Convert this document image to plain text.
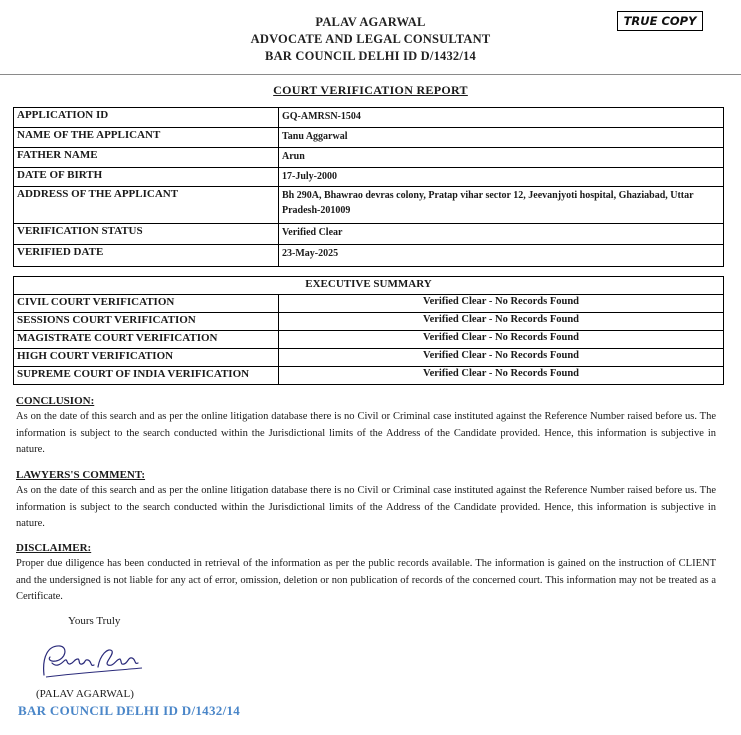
PALAV AGARWAL
ADVOCATE AND LEGAL CONSULTANT
BAR COUNCIL DELHI ID D/1432/14
TRUE COPY
COURT VERIFICATION REPORT
APPLICATION ID	GQ-AMRSN-1504
NAME OF THE APPLICANT	Tanu Aggarwal
FATHER NAME	Arun
DATE OF BIRTH	17-July-2000
ADDRESS OF THE APPLICANT	Bh 290A, Bhawrao devras colony, Pratap vihar sector 12, Jeevanjyoti hospital, Ghaziabad, Uttar Pradesh-201009
VERIFICATION STATUS	Verified Clear
VERIFIED DATE	23-May-2025
EXECUTIVE SUMMARY	
CIVIL COURT VERIFICATION	Verified Clear - No Records Found
SESSIONS COURT VERIFICATION	Verified Clear - No Records Found
MAGISTRATE COURT VERIFICATION	Verified Clear - No Records Found
HIGH COURT VERIFICATION	Verified Clear - No Records Found
SUPREME COURT OF INDIA VERIFICATION	Verified Clear - No Records Found

CONCLUSION:

As on the date of this search and as per the online litigation database there is no Civil or Criminal case instituted against the Reference Number raised before us. The information is subject to the search conducted within the Jurisdictional limits of the Address of the Candidate provided. Hence, this information is subjective in nature.

LAWYERS'S COMMENT:

As on the date of this search and as per the online litigation database there is no Civil or Criminal case instituted against the Reference Number raised before us. The information is subject to the search conducted within the Jurisdictional limits of the Address of the Candidate provided. Hence, this information is subjective in nature.

DISCLAIMER:

Proper due diligence has been conducted in retrieval of the information as per the public records available. The information is gained on the instruction of CLIENT and the undersigned is not liable for any act of error, omission, deletion or non publication of records of the concerned court. This information may not be treated as a Certificate.

Yours Truly
(PALAV AGARWAL)
BAR COUNCIL DELHI ID D/1432/14
